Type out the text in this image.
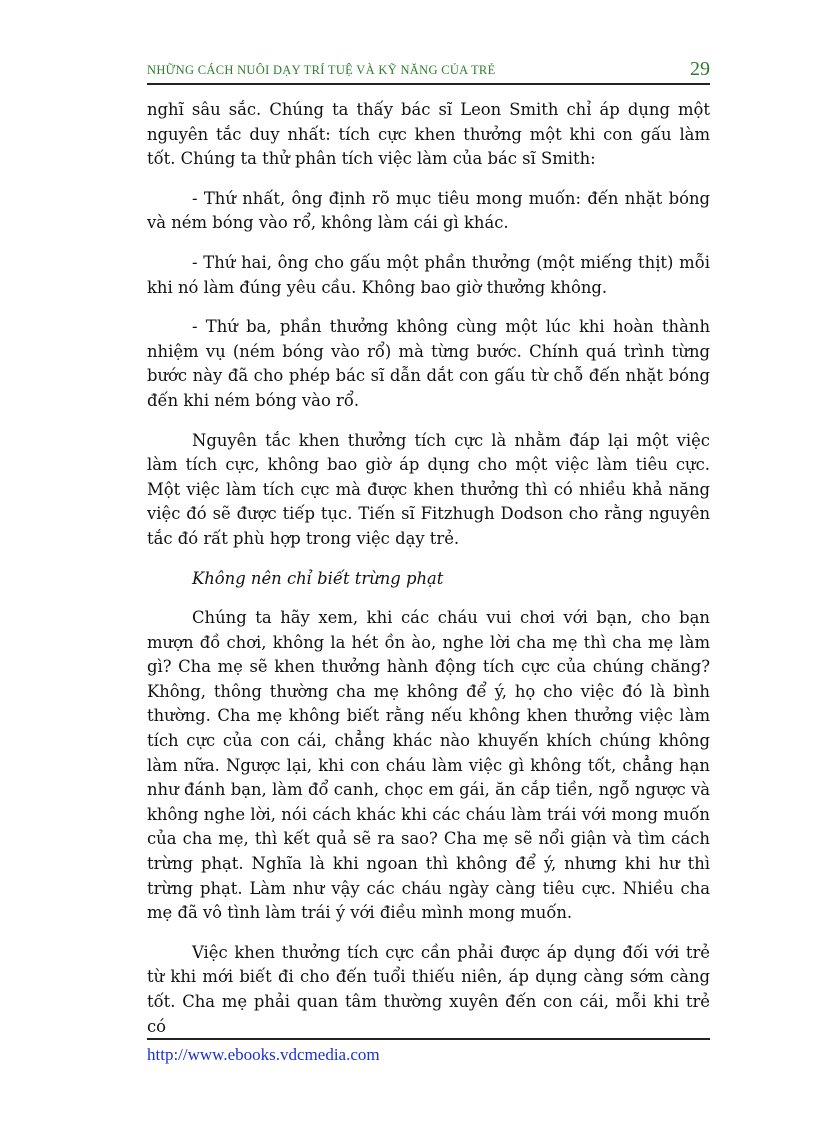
NHỮNG CÁCH NUÔI DẠY TRÍ TUỆ VÀ KỸ NĂNG CỦA TRẺ	29

nghĩ sâu sắc. Chúng ta thấy bác sĩ Leon Smith chỉ áp dụng một nguyên tắc duy nhất: tích cực khen thưởng một khi con gấu làm tốt. Chúng ta thử phân tích việc làm của bác sĩ Smith:

- Thứ nhất, ông định rõ mục tiêu mong muốn: đến nhặt bóng và ném bóng vào rổ, không làm cái gì khác.

- Thứ hai, ông cho gấu một phần thưởng (một miếng thịt) mỗi khi nó làm đúng yêu cầu. Không bao giờ thưởng không.

- Thứ ba, phần thưởng không cùng một lúc khi hoàn thành nhiệm vụ (ném bóng vào rổ) mà từng bước. Chính quá trình từng bước này đã cho phép bác sĩ dẫn dắt con gấu từ chỗ đến nhặt bóng đến khi ném bóng vào rổ.

Nguyên tắc khen thưởng tích cực là nhằm đáp lại một việc làm tích cực, không bao giờ áp dụng cho một việc làm tiêu cực. Một việc làm tích cực mà được khen thưởng thì có nhiều khả năng việc đó sẽ được tiếp tục. Tiến sĩ Fitzhugh Dodson cho rằng nguyên tắc đó rất phù hợp trong việc dạy trẻ.

Không nên chỉ biết trừng phạt

Chúng ta hãy xem, khi các cháu vui chơi với bạn, cho bạn mượn đồ chơi, không la hét ồn ào, nghe lời cha mẹ thì cha mẹ làm gì? Cha mẹ sẽ khen thưởng hành động tích cực của chúng chăng? Không, thông thường cha mẹ không để ý, họ cho việc đó là bình thường. Cha mẹ không biết rằng nếu không khen thưởng việc làm tích cực của con cái, chẳng khác nào khuyến khích chúng không làm nữa. Ngược lại, khi con cháu làm việc gì không tốt, chẳng hạn như đánh bạn, làm đổ canh, chọc em gái, ăn cắp tiền, ngỗ ngược và không nghe lời, nói cách khác khi các cháu làm trái với mong muốn của cha mẹ, thì kết quả sẽ ra sao? Cha mẹ sẽ nổi giận và tìm cách trừng phạt. Nghĩa là khi ngoan thì không để ý, nhưng khi hư thì trừng phạt. Làm như vậy các cháu ngày càng tiêu cực. Nhiều cha mẹ đã vô tình làm trái ý với điều mình mong muốn.

Việc khen thưởng tích cực cần phải được áp dụng đối với trẻ từ khi mới biết đi cho đến tuổi thiếu niên, áp dụng càng sớm càng tốt. Cha mẹ phải quan tâm thường xuyên đến con cái, mỗi khi trẻ có

http://www.ebooks.vdcmedia.com
